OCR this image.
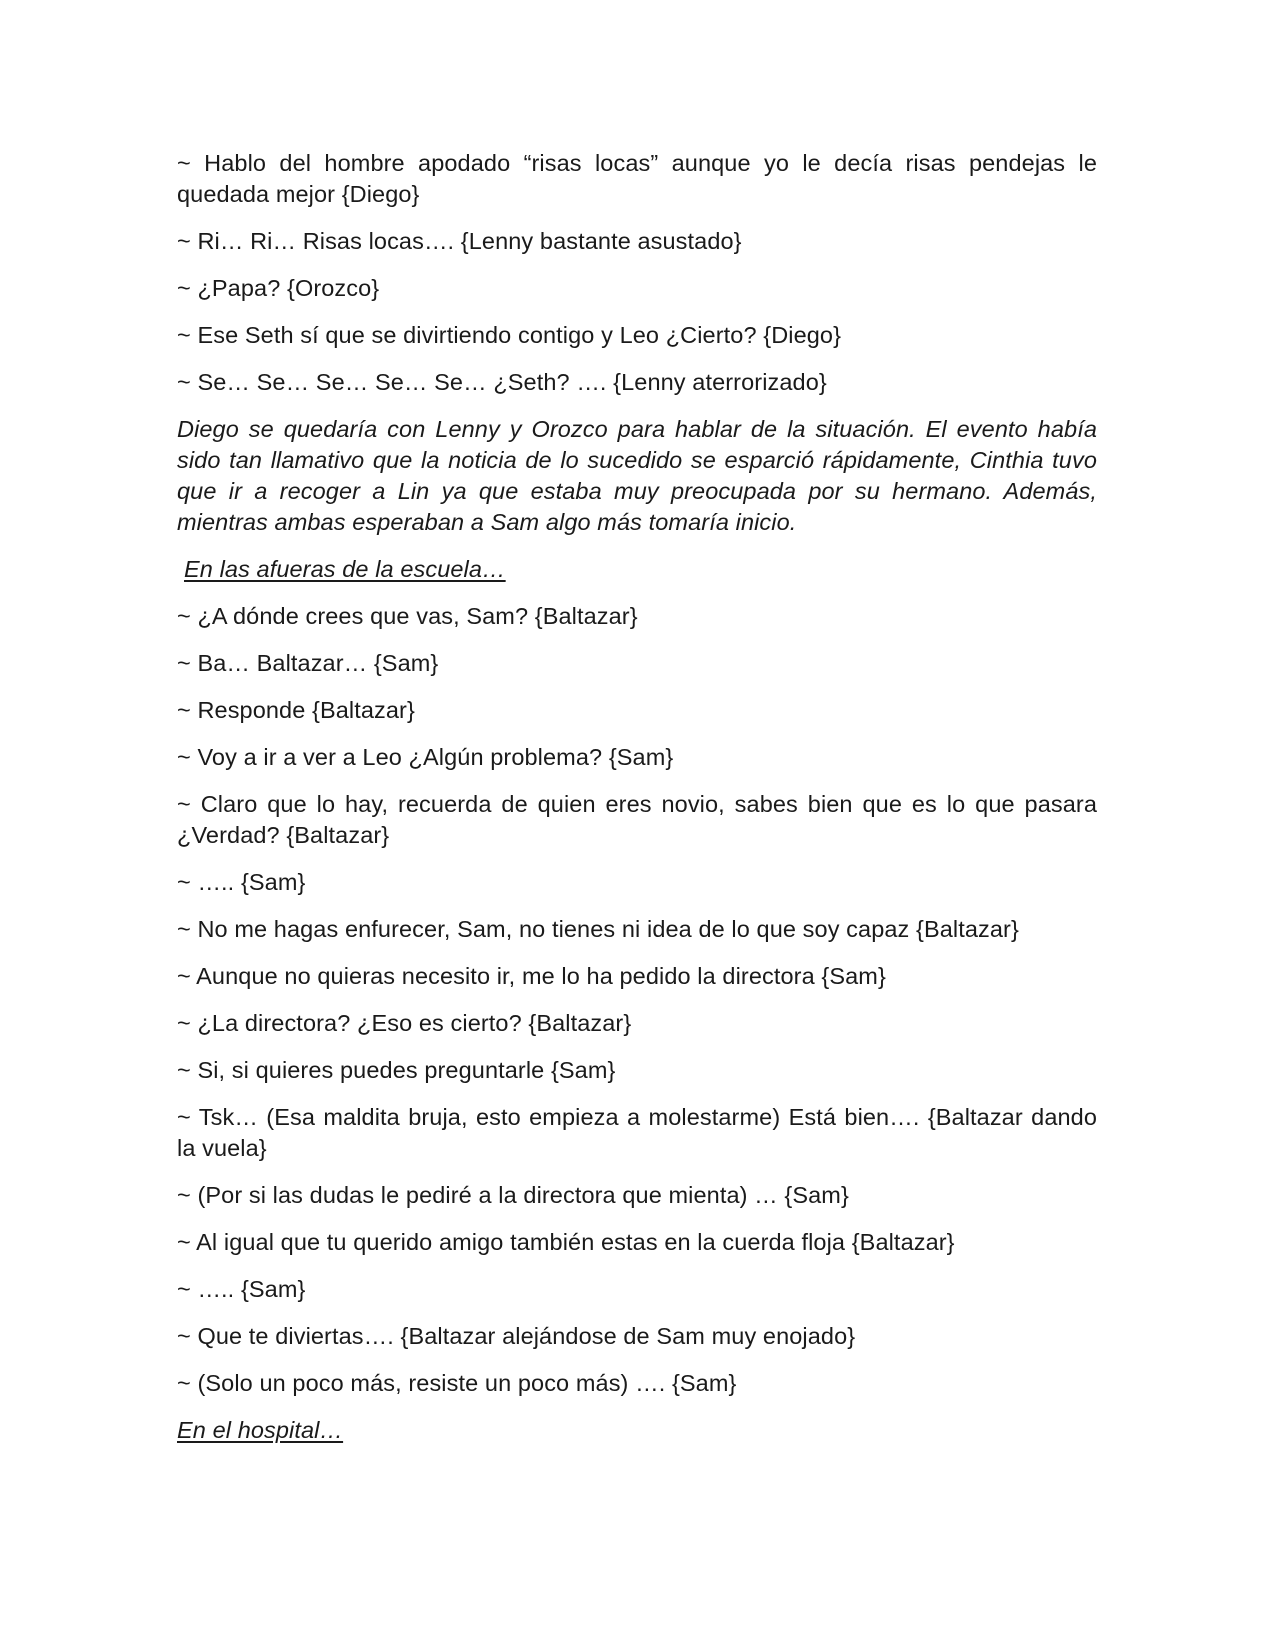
~ Hablo del hombre apodado “risas locas” aunque yo le decía risas pendejas le quedada mejor {Diego}

~ Ri… Ri… Risas locas…. {Lenny bastante asustado}

~ ¿Papa? {Orozco}

~ Ese Seth sí que se divirtiendo contigo y Leo ¿Cierto? {Diego}

~ Se… Se… Se… Se… Se… ¿Seth? …. {Lenny aterrorizado}

Diego se quedaría con Lenny y Orozco para hablar de la situación. El evento había sido tan llamativo que la noticia de lo sucedido se esparció rápidamente, Cinthia tuvo que ir a recoger a Lin ya que estaba muy preocupada por su hermano. Además, mientras ambas esperaban a Sam algo más tomaría inicio.

En las afueras de la escuela…

~ ¿A dónde crees que vas, Sam? {Baltazar}

~ Ba… Baltazar… {Sam}

~ Responde {Baltazar}

~ Voy a ir a ver a Leo ¿Algún problema? {Sam}

~ Claro que lo hay, recuerda de quien eres novio, sabes bien que es lo que pasara ¿Verdad? {Baltazar}

~ ….. {Sam}

~ No me hagas enfurecer, Sam, no tienes ni idea de lo que soy capaz {Baltazar}

~ Aunque no quieras necesito ir, me lo ha pedido la directora {Sam}

~ ¿La directora? ¿Eso es cierto? {Baltazar}

~ Si, si quieres puedes preguntarle {Sam}

~ Tsk… (Esa maldita bruja, esto empieza a molestarme) Está bien…. {Baltazar dando la vuela}

~ (Por si las dudas le pediré a la directora que mienta) … {Sam}

~ Al igual que tu querido amigo también estas en la cuerda floja {Baltazar}

~ ….. {Sam}

~ Que te diviertas…. {Baltazar alejándose de Sam muy enojado}

~ (Solo un poco más, resiste un poco más) …. {Sam}

En el hospital…
